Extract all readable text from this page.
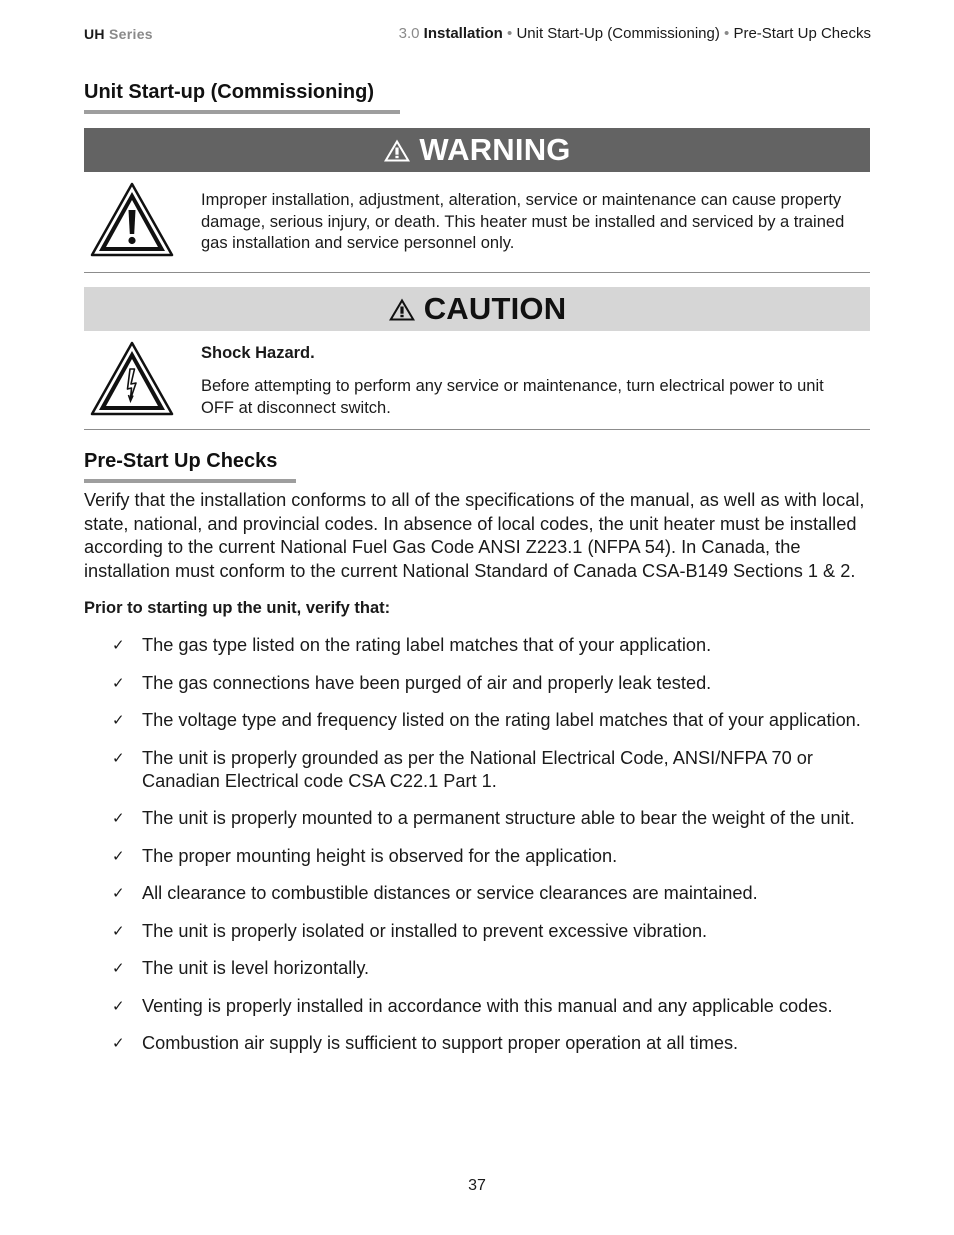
UH Series	3.0 Installation • Unit Start-Up (Commissioning) • Pre-Start Up Checks
Unit Start-up (Commissioning)
WARNING
Improper installation, adjustment, alteration, service or maintenance can cause property damage, serious injury, or death. This heater must be installed and serviced by a trained gas installation and service personnel only.
CAUTION
Shock Hazard.
Before attempting to perform any service or maintenance, turn electrical power to unit OFF at disconnect switch.
Pre-Start Up Checks
Verify that the installation conforms to all of the specifications of the manual, as well as with local, state, national, and provincial codes. In absence of local codes, the unit heater must be installed according to the current National Fuel Gas Code ANSI Z223.1 (NFPA 54). In Canada, the installation must conform to the current National Standard of Canada CSA-B149 Sections 1 & 2.
Prior to starting up the unit, verify that:
✓ The gas type listed on the rating label matches that of your application.
✓ The gas connections have been purged of air and properly leak tested.
✓ The voltage type and frequency listed on the rating label matches that of your application.
✓ The unit is properly grounded as per the National Electrical Code, ANSI/NFPA 70 or Canadian Electrical code CSA C22.1 Part 1.
✓ The unit is properly mounted to a permanent structure able to bear the weight of the unit.
✓ The proper mounting height is observed for the application.
✓ All clearance to combustible distances or service clearances are maintained.
✓ The unit is properly isolated or installed to prevent excessive vibration.
✓ The unit is level horizontally.
✓ Venting is properly installed in accordance with this manual and any applicable codes.
✓ Combustion air supply is sufficient to support proper operation at all times.
37
